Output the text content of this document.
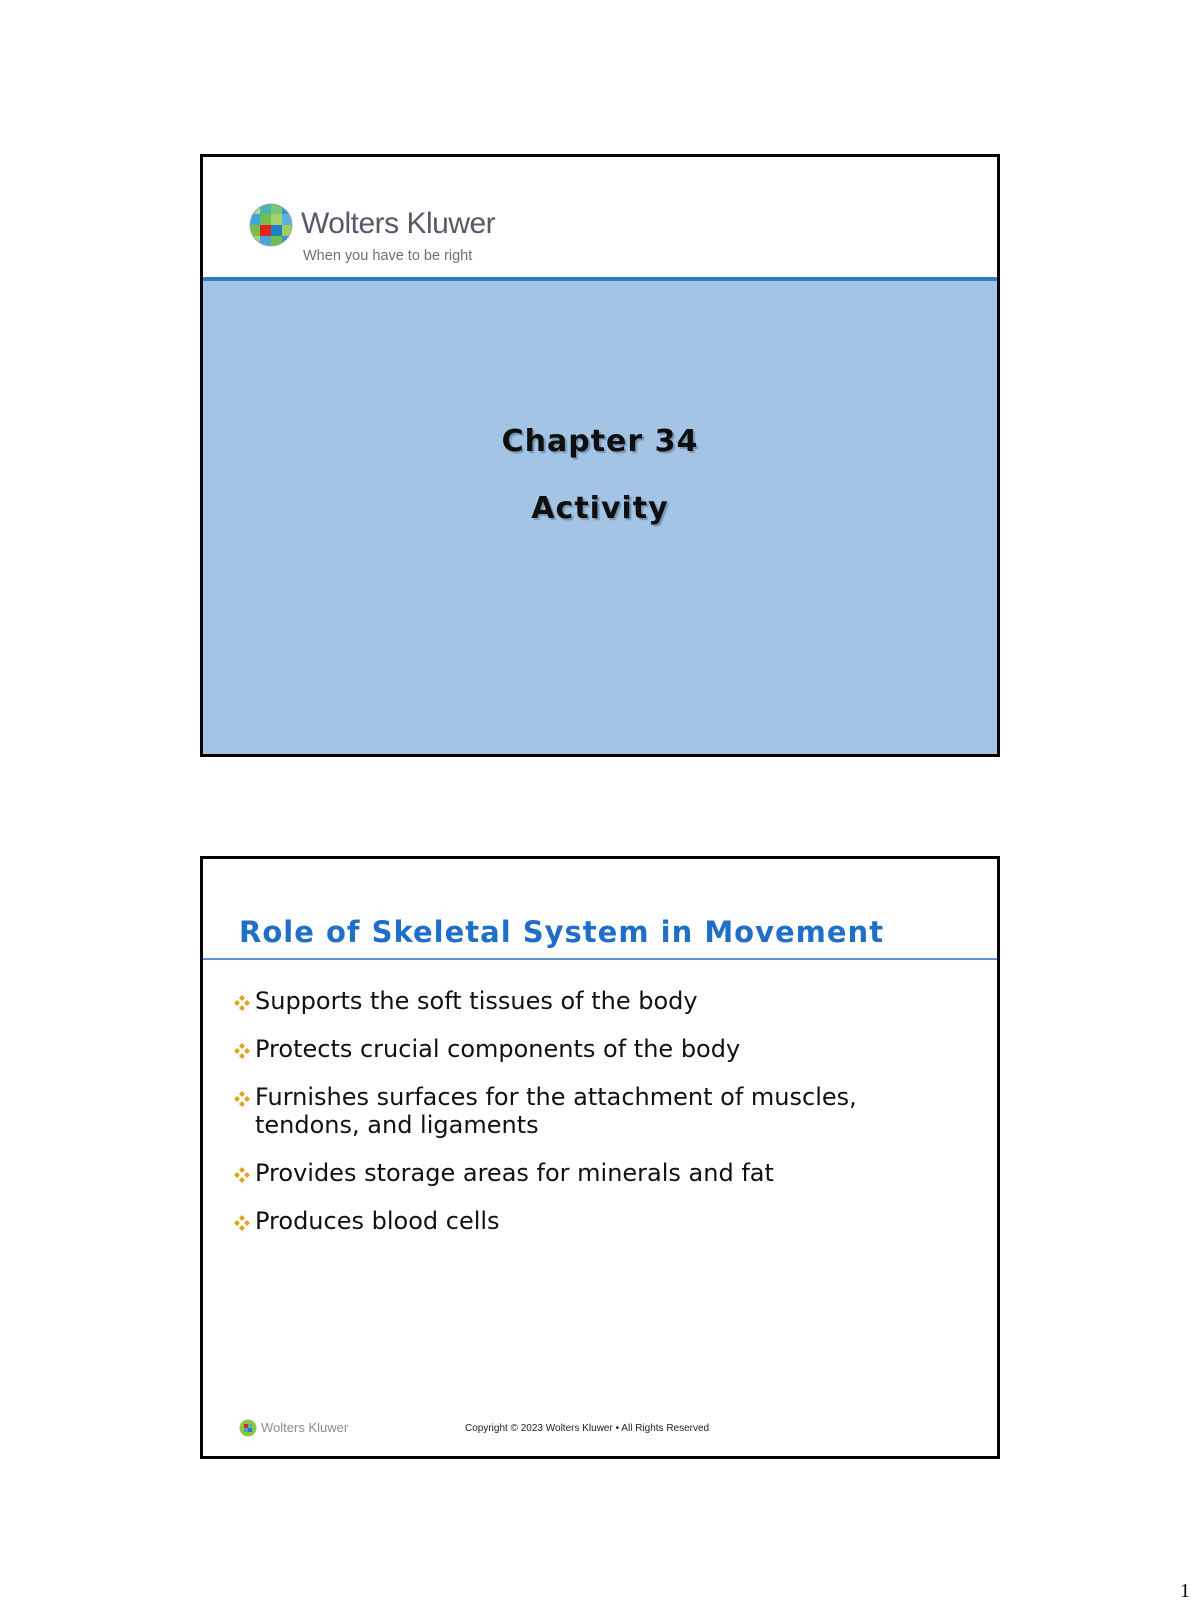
Wolters Kluwer
When you have to be right
Chapter 34
Activity
Role of Skeletal System in Movement
Supports the soft tissues of the body
Protects crucial components of the body
Furnishes surfaces for the attachment of muscles, tendons, and ligaments
Provides storage areas for minerals and fat
Produces blood cells
Wolters Kluwer	Copyright © 2023 Wolters Kluwer • All Rights Reserved
1
